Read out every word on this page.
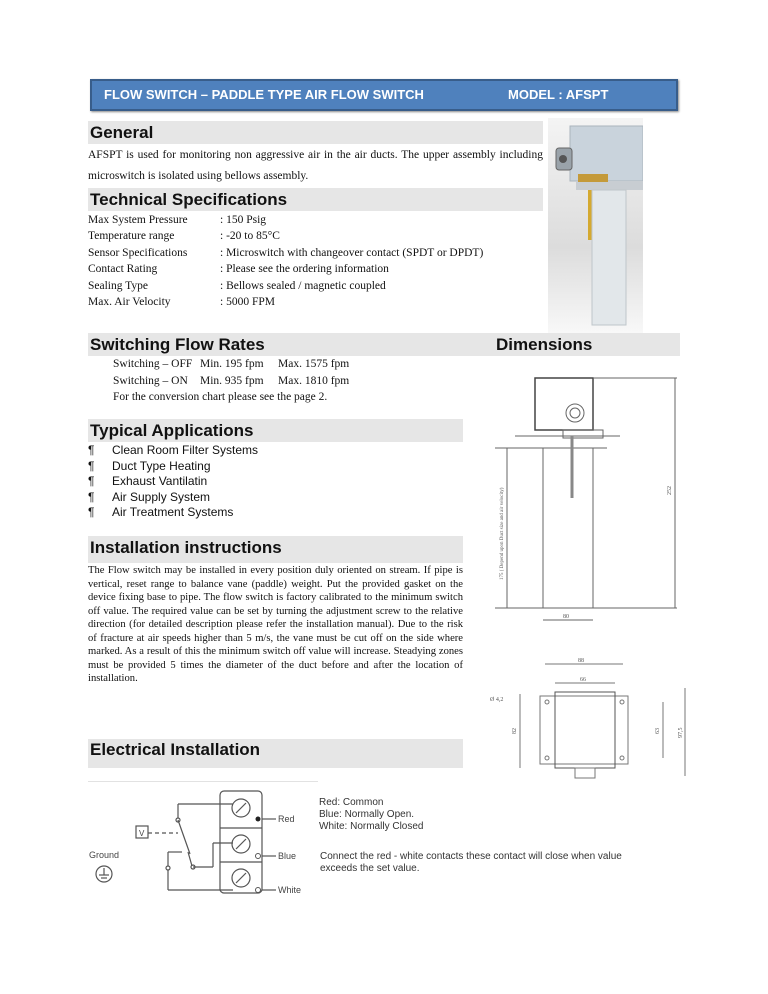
FLOW SWITCH – PADDLE TYPE AIR FLOW SWITCH	MODEL : AFSPT
General
AFSPT is used for monitoring non aggressive air in the air ducts. The upper assembly including microswitch is isolated using bellows assembly.
Technical Specifications
Max System Pressure	: 150 Psig
Temperature range	: -20 to 85°C
Sensor Specifications	: Microswitch with changeover contact (SPDT or DPDT)
Contact Rating	: Please see the ordering information
Sealing Type	: Bellows sealed / magnetic coupled
Max. Air Velocity	: 5000 FPM
Switching Flow Rates	Dimensions
Switching – OFF Min. 195 fpm Max. 1575 fpm
Switching – ON Min. 935 fpm Max. 1810 fpm
For the conversion chart please see the page 2.
252
175 ( Depend upon Duct size and air velocity)
80
88
66
Ø 4,2
82	63	97,5
Typical Applications
¶	Clean Room Filter Systems
¶	Duct Type Heating
¶	Exhaust Vantilatin
¶	Air Supply System
¶	Air Treatment Systems
Installation instructions
The Flow switch may be installed in every position duly oriented on stream. If pipe is vertical, reset range to balance vane (paddle) weight. Put the provided gasket on the device fixing base to pipe. The flow switch is factory calibrated to the minimum switch off value. The required value can be set by turning the adjustment screw to the relative direction (for detailed description please refer the installation manual). Due to the risk of fracture at air speeds higher than 5 m/s, the vane must be cut off on the side where marked. As a result of this the minimum switch off value will increase. Steadying zones must be provided 5 times the diameter of the duct before and after the location of installation.
Electrical Installation
V
Ground
Red
Blue
White
Red: Common
Blue: Normally Open.
White: Normally Closed
Connect the red - white contacts these contact will close when value exceeds the set value.
